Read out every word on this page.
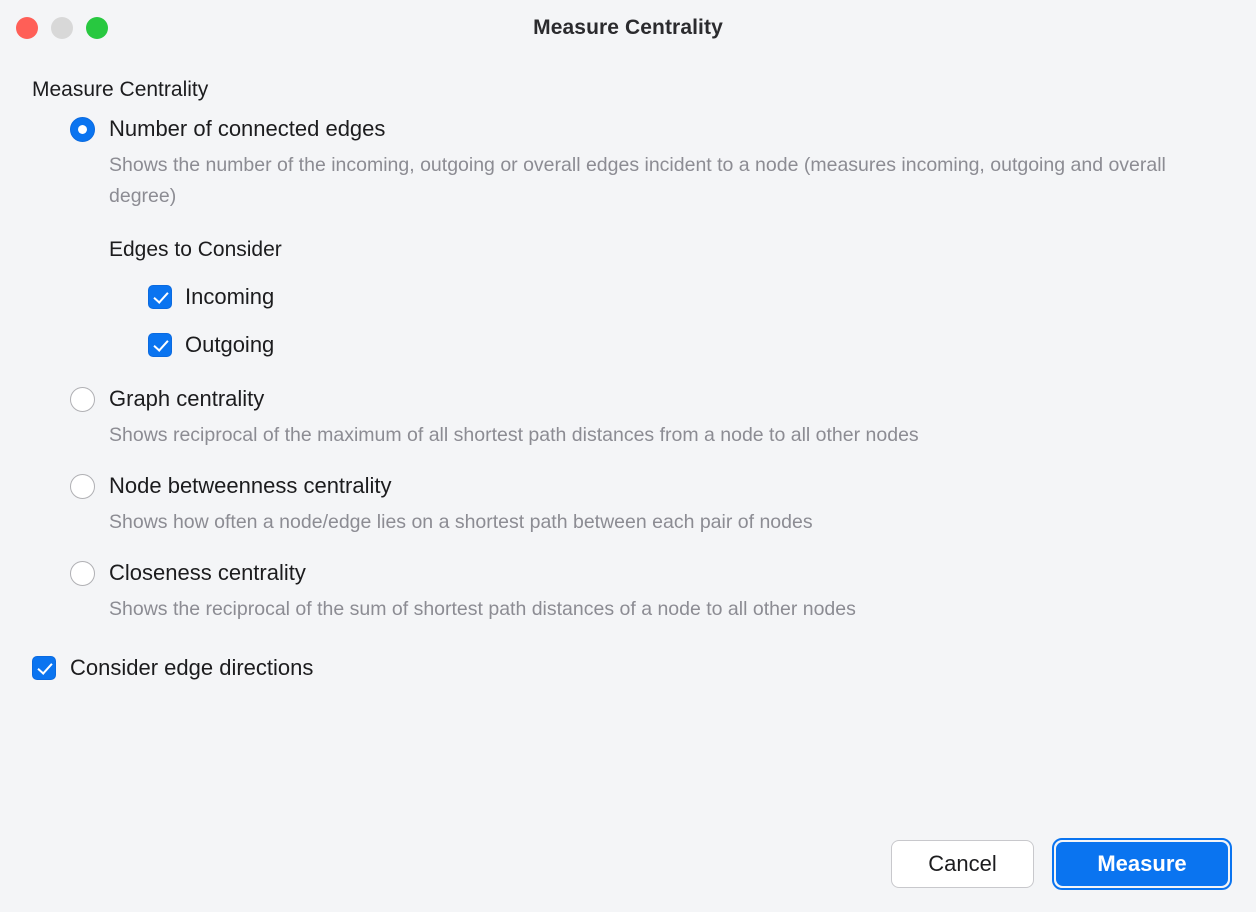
Measure Centrality
Measure Centrality
Number of connected edges
Shows the number of the incoming, outgoing or overall edges incident to a node (measures incoming, outgoing and overall degree)
Edges to Consider
Incoming
Outgoing
Graph centrality
Shows reciprocal of the maximum of all shortest path distances from a node to all other nodes
Node betweenness centrality
Shows how often a node/edge lies on a shortest path between each pair of nodes
Closeness centrality
Shows the reciprocal of the sum of shortest path distances of a node to all other nodes
Consider edge directions
Cancel	Measure
